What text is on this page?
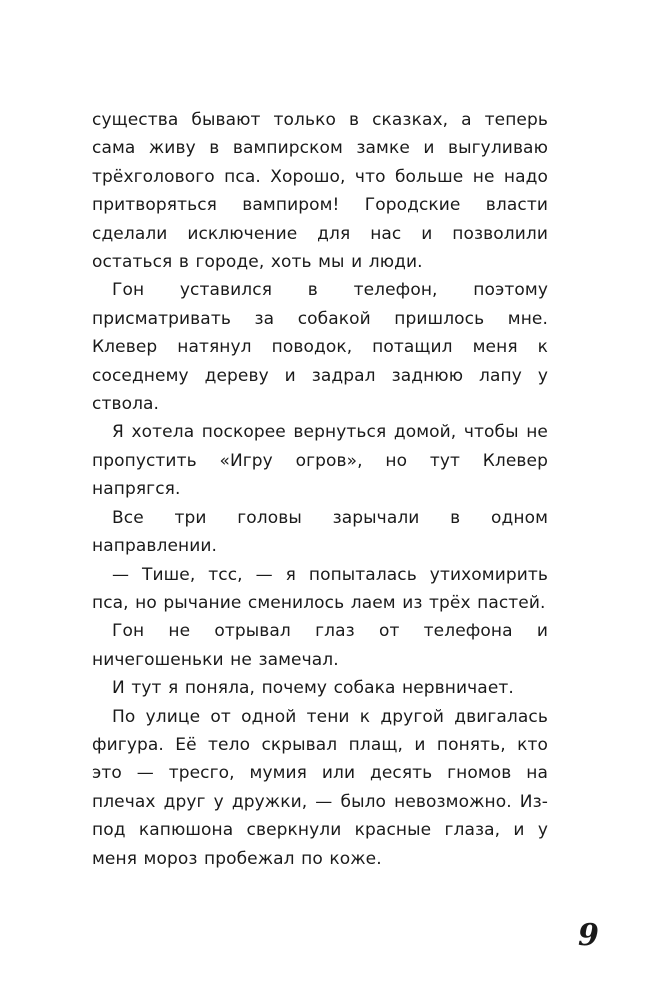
существа бывают только в сказках, а теперь сама живу в вампирском замке и выгуливаю трёхголового пса. Хорошо, что больше не надо притворяться вампиром! Городские власти сделали исключение для нас и позволили остаться в городе, хоть мы и люди.

Гон уставился в телефон, поэтому присматривать за собакой пришлось мне. Клевер натянул поводок, потащил меня к соседнему дереву и задрал заднюю лапу у ствола.

Я хотела поскорее вернуться домой, чтобы не пропустить «Игру огров», но тут Клевер напрягся.

Все три головы зарычали в одном направлении.

— Тише, тсс, — я попыталась утихомирить пса, но рычание сменилось лаем из трёх пастей.

Гон не отрывал глаз от телефона и ничегошеньки не замечал.

И тут я поняла, почему собака нервничает.

По улице от одной тени к другой двигалась фигура. Её тело скрывал плащ, и понять, кто это — тресго, мумия или десять гномов на плечах друг у дружки, — было невозможно. Из-под капюшона сверкнули красные глаза, и у меня мороз пробежал по коже.

9
